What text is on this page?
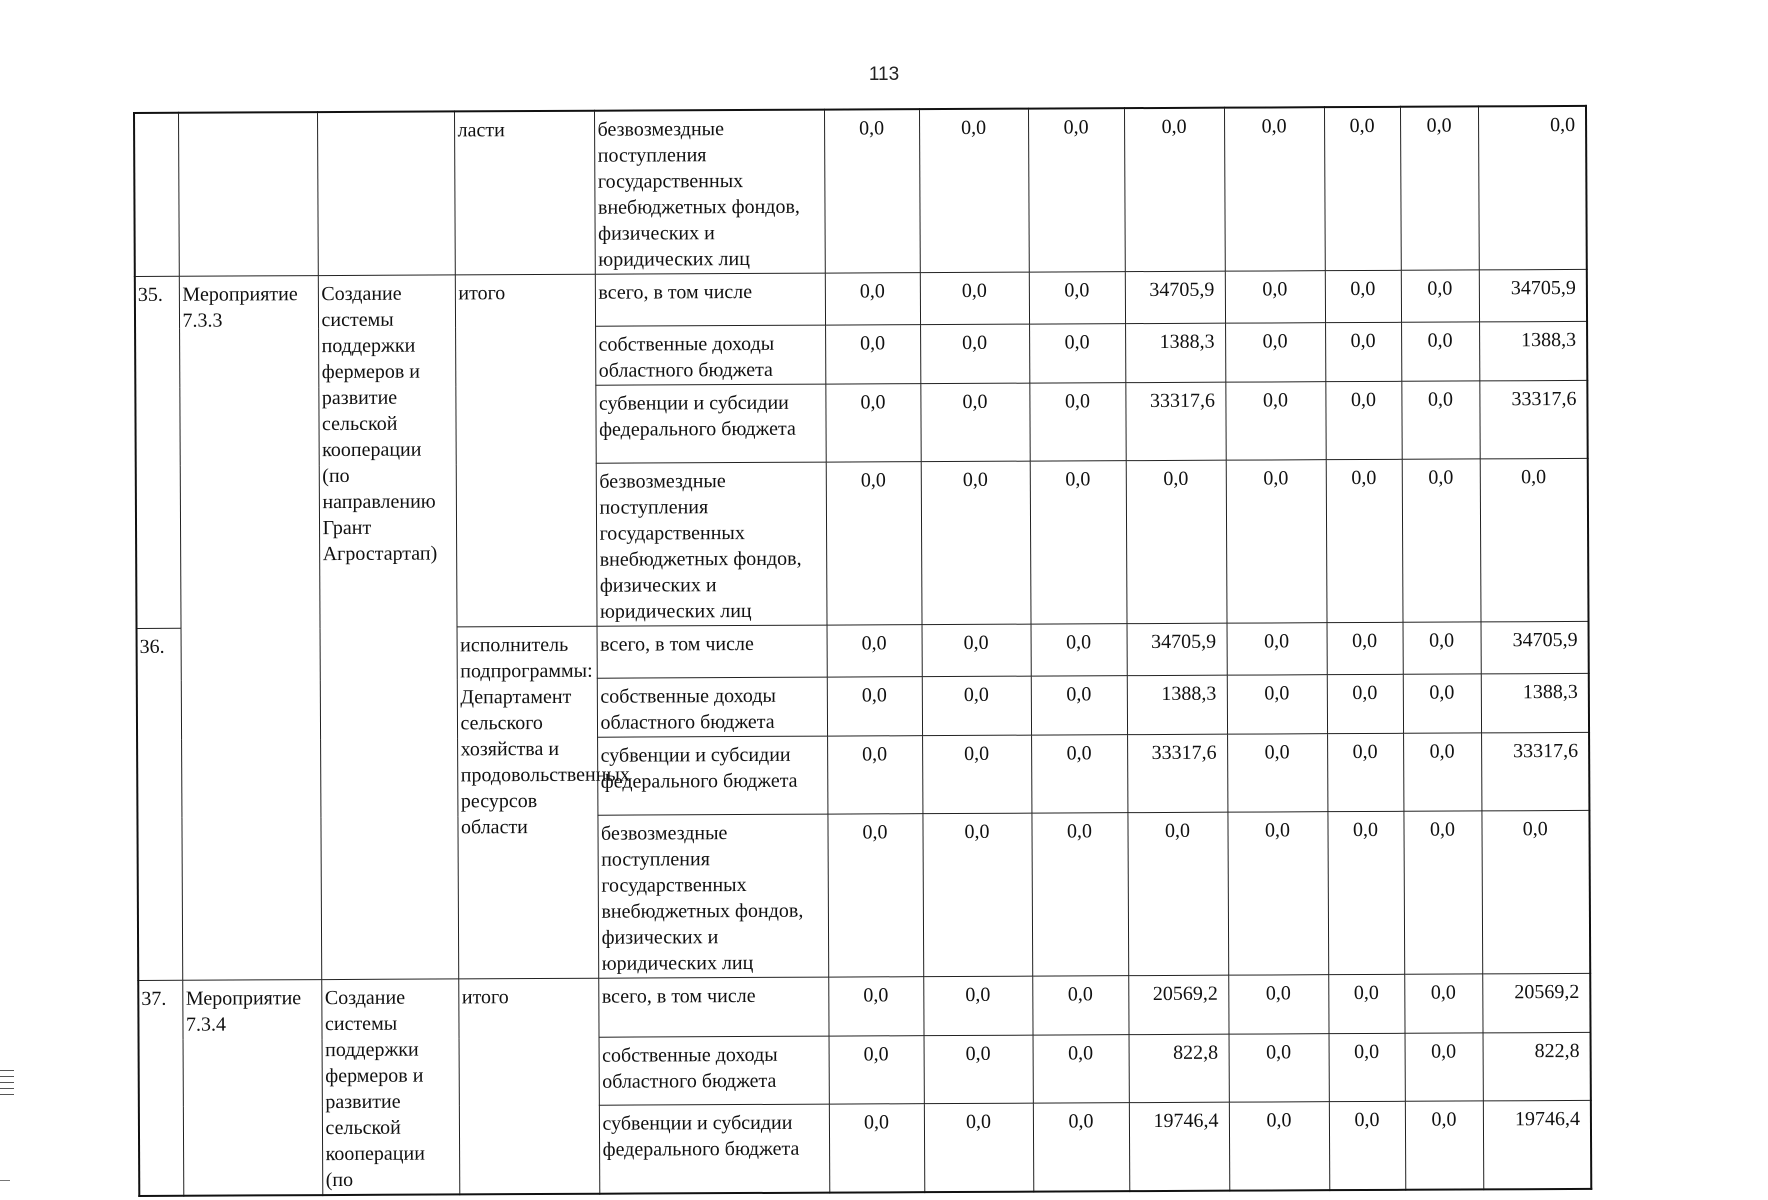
113
			ласти	безвозмездные поступления государственных внебюджетных фондов, физических и юридических лиц	0,0	0,0	0,0	0,0	0,0	0,0	0,0	0,0
35.	Мероприятие 7.3.3	Создание системы поддержки фермеров и развитие сельской кооперации (по направлению Грант Агростартап)	итого	всего, в том числе	0,0	0,0	0,0	34705,9	0,0	0,0	0,0	34705,9
				собственные доходы областного бюджета	0,0	0,0	0,0	1388,3	0,0	0,0	0,0	1388,3
				субвенции и субсидии федерального бюджета	0,0	0,0	0,0	33317,6	0,0	0,0	0,0	33317,6
				безвозмездные поступления государственных внебюджетных фондов, физических и юридических лиц	0,0	0,0	0,0	0,0	0,0	0,0	0,0	0,0
36.			исполнитель подпрограммы: Департамент сельского хозяйства и продовольственных ресурсов области	всего, в том числе	0,0	0,0	0,0	34705,9	0,0	0,0	0,0	34705,9
				собственные доходы областного бюджета	0,0	0,0	0,0	1388,3	0,0	0,0	0,0	1388,3
				субвенции и субсидии федерального бюджета	0,0	0,0	0,0	33317,6	0,0	0,0	0,0	33317,6
				безвозмездные поступления государственных внебюджетных фондов, физических и юридических лиц	0,0	0,0	0,0	0,0	0,0	0,0	0,0	0,0
37.	Мероприятие 7.3.4	Создание системы поддержки фермеров и развитие сельской кооперации (по	итого	всего, в том числе	0,0	0,0	0,0	20569,2	0,0	0,0	0,0	20569,2
				собственные доходы областного бюджета	0,0	0,0	0,0	822,8	0,0	0,0	0,0	822,8
				субвенции и субсидии федерального бюджета	0,0	0,0	0,0	19746,4	0,0	0,0	0,0	19746,4
